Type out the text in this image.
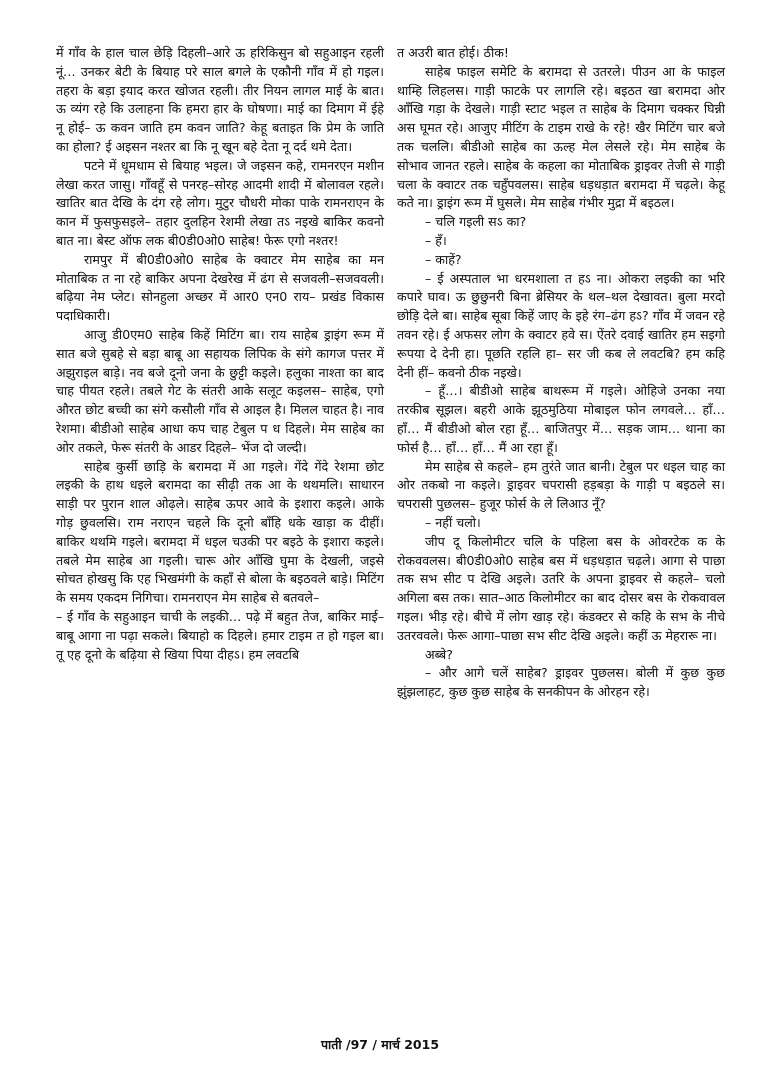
में गाँव के हाल चाल छेड़ि दिहली–आरे ऊ हरिकिसुन बो सहुआइन रहली नूं… उनकर बेटी के बियाह परे साल बगले के एकौनी गाँव में हो गइल। तहरा के बड़ा इयाद करत खोजत रहली। तीर नियन लागल माई के बात। ऊ व्यंग रहे कि उलाहना कि हमरा हार के घोषणा। माई का दिमाग में ईहे नू होई– ऊ कवन जाति हम कवन जाति? केहू बताइत कि प्रेम के जाति का होला? ई अइसन नश्तर बा कि नू खून बहे देता नू दर्द थमे देता।

पटने में धूमधाम से बियाह भइल। जे जइसन कहे, रामनरएन मशीन लेखा करत जासु। गाँवहूँ से पनरह–सोरह आदमी शादी में बोलावल रहले। खातिर बात देखि के दंग रहे लोग। मुटुर चौधरी मोका पाके रामनराएन के कान में फुसफुसइले– तहार दुलहिन रेशमी लेखा तऽ नइखे बाकिर कवनो बात ना। बेस्ट ऑफ लक बी0डी0ओ0 साहेब! फेरू एगो नश्तर!

रामपुर में बी0डी0ओ0 साहेब के क्वाटर मेम साहेब का मन मोताबिक त ना रहे बाकिर अपना देखरेख में ढंग से सजवली–सजववली। बढ़िया नेम प्लेट। सोनहुला अच्छर में आर0 एन0 राय– प्रखंड विकास पदाधिकारी।

आजु डी0एम0 साहेब किहें मिटिंग बा। राय साहेब ड्राइंग रूम में सात बजे सुबहे से बड़ा बाबू आ सहायक लिपिक के संगे कागज पत्तर में अझुराइल बाड़े। नव बजे दूनो जना के छुट्टी कइले। हलुका नाश्ता का बाद चाह पीयत रहले। तबले गेट के संतरी आके सलूट कइलस– साहेब, एगो औरत छोट बच्ची का संगे कसौली गाँव से आइल है। मिलल चाहत है। नाव रेशमा। बीडीओ साहेब आधा कप चाह टेबुल प ध दिहले। मेम साहेब का ओर तकले, फेरू संतरी के आडर दिहले– भेंज दो जल्दी।

साहेब कुर्सी छाड़ि के बरामदा में आ गइले। गेंदे गेंदे रेशमा छोट लइकी के हाथ धइले बरामदा का सीढ़ी तक आ के थथमलि। साधारन साड़ी पर पुरान शाल ओढ़ले। साहेब ऊपर आवे के इशारा कइले। आके गोड़ छुवलसि। राम नराएन चहले कि दूनो बाँहि धके खाड़ा क दीहीं। बाकिर थथमि गइले। बरामदा में धइल चउकी पर बइठे के इशारा कइले। तबले मेम साहेब आ गइली। चारू ओर आँखि घुमा के देखली, जइसे सोचत होखसु कि एह भिखमंगी के कहाँ से बोला के बइठवले बाड़े। मिटिंग के समय एकदम निगिचा। रामनराएन मेम साहेब से बतवले–

– ई गाँव के सहुआइन चाची के लइकी… पढ़े में बहुत तेज, बाकिर माई–बाबू आगा ना पढ़ा सकले। बियाहो क दिहले। हमार टाइम त हो गइल बा। तू एह दूनो के बढ़िया से खिया पिया दीहऽ। हम लवटबि

त अउरी बात होई। ठीक!

साहेब फाइल समेटि के बरामदा से उतरले। पीउन आ के फाइल थाम्हि लिहलस। गाड़ी फाटके पर लागलि रहे। बइठत खा बरामदा ओर आँखि गड़ा के देखले। गाड़ी स्टाट भइल त साहेब के दिमाग चक्कर घिन्नी अस घूमत रहे। आजुए मीटिंग के टाइम राखे के रहे! खैर मिटिंग चार बजे तक चललि। बीडीओ साहेब का ऊल्ह मेल लेसले रहे। मेम साहेब के सोभाव जानत रहले। साहेब के कहला का मोताबिक ड्राइवर तेजी से गाड़ी चला के क्वाटर तक चहुँपवलस। साहेब धड़धड़ात बरामदा में चढ़ले। केहू कते ना। ड्राइंग रूम में घुसले। मेम साहेब गंभीर मुद्रा में बइठल।

– चलि गइली सऽ का?

– हँ।

– काहें?

– ई अस्पताल भा धरमशाला त हऽ ना। ओकरा लइकी का भरि कपारे घाव। ऊ छुछुनरी बिना ब्रेसियर के थल–थल देखावत। बुला मरदो छोड़ि देले बा। साहेब सूबा किहें जाए के इहे रंग–ढंग हऽ? गाँव में जवन रहे तवन रहे। ई अफसर लोग के क्वाटर हवे स। ऐंतरे दवाई खातिर हम सइगो रूपया दे देनी हा। पूछति रहलि हा– सर जी कब ले लवटबि? हम कहि देनी हीं– कवनो ठीक नइखे।

– हूँ…। बीडीओ साहेब बाथरूम में गइले। ओहिजे उनका नया तरकीब सूझल। बहरी आके झूठमुठिया मोबाइल फोन लगवले… हाँ… हाँ… मैं बीडीओ बोल रहा हूँ… बाजितपुर में… सड़क जाम… थाना का फोर्स है… हाँ… हाँ… मैं आ रहा हूँ।

मेम साहेब से कहले– हम तुरंते जात बानी। टेबुल पर धइल चाह का ओर तकबो ना कइले। ड्राइवर चपरासी हड़बड़ा के गाड़ी प बइठले स। चपरासी पुछलस– हुजूर फोर्स के ले लिआउ नूँ?

– नहीं चलो।

जीप दू किलोमीटर चलि के पहिला बस के ओवरटेक क के रोकववलस। बी0डी0ओ0 साहेब बस में धड़धड़ात चढ़ले। आगा से पाछा तक सभ सीट प देखि अइले। उतरि के अपना ड्राइवर से कहले– चलो अगिला बस तक। सात–आठ किलोमीटर का बाद दोसर बस के रोकवावल गइल। भीड़ रहे। बीचे में लोग खाड़ रहे। कंडक्टर से कहि के सभ के नीचे उतरववले। फेरू आगा–पाछा सभ सीट देखि अइले। कहीं ऊ मेहरारू ना।

अब्बे?

– और आगे चलें साहेब? ड्राइवर पुछलस। बोली में कुछ कुछ झुंझलाहट, कुछ कुछ साहेब के सनकीपन के ओरहन रहे।

पाती /97 / मार्च 2015
